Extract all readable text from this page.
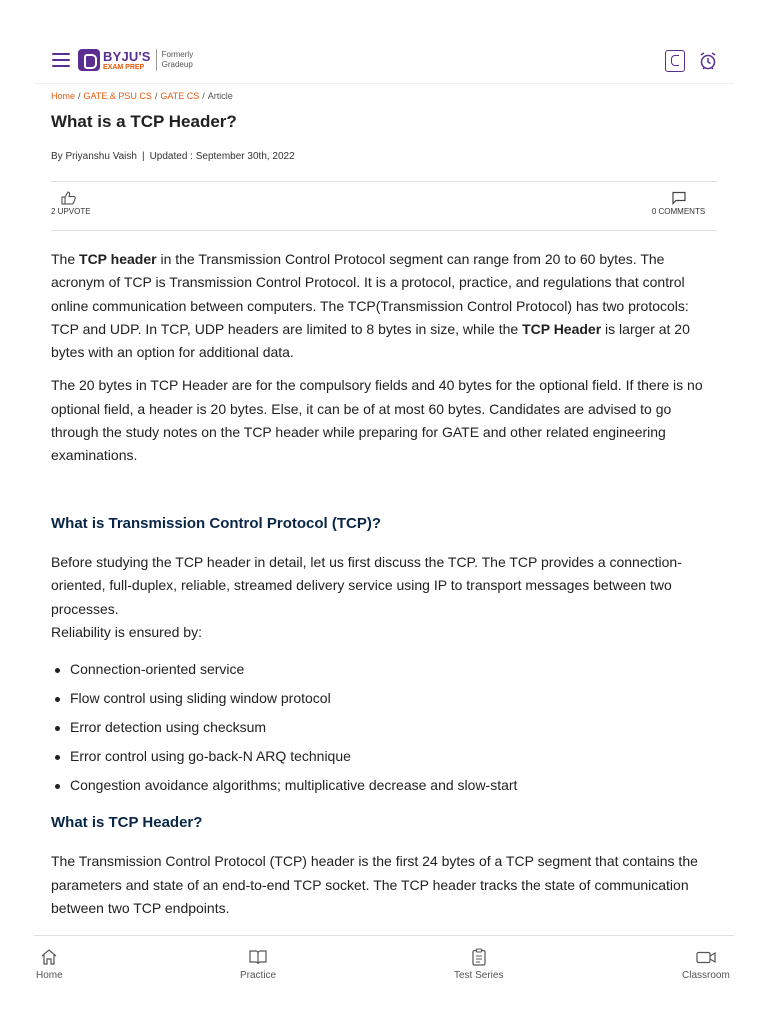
BYJU'S
EXAM PREP
Formerly
Gradeup
Home / GATE & PSU CS / GATE CS / Article
What is a TCP Header?
By Priyanshu Vaish | Updated : September 30th, 2022
2 UPVOTE	0 COMMENTS

The TCP header in the Transmission Control Protocol segment can range from 20 to 60 bytes. The acronym of TCP is Transmission Control Protocol. It is a protocol, practice, and regulations that control online communication between computers. The TCP(Transmission Control Protocol) has two protocols: TCP and UDP. In TCP, UDP headers are limited to 8 bytes in size, while the TCP Header is larger at 20 bytes with an option for additional data.

The 20 bytes in TCP Header are for the compulsory fields and 40 bytes for the optional field. If there is no optional field, a header is 20 bytes. Else, it can be of at most 60 bytes. Candidates are advised to go through the study notes on the TCP header while preparing for GATE and other related engineering examinations.

What is Transmission Control Protocol (TCP)?

Before studying the TCP header in detail, let us first discuss the TCP. The TCP provides a connection-oriented, full-duplex, reliable, streamed delivery service using IP to transport messages between two processes.

Reliability is ensured by:

Connection-oriented service
Flow control using sliding window protocol
Error detection using checksum
Error control using go-back-N ARQ technique
Congestion avoidance algorithms; multiplicative decrease and slow-start
What is TCP Header?

The Transmission Control Protocol (TCP) header is the first 24 bytes of a TCP segment that contains the parameters and state of an end-to-end TCP socket. The TCP header tracks the state of communication between two TCP endpoints.

Home	Practice	Test Series	Classroom
